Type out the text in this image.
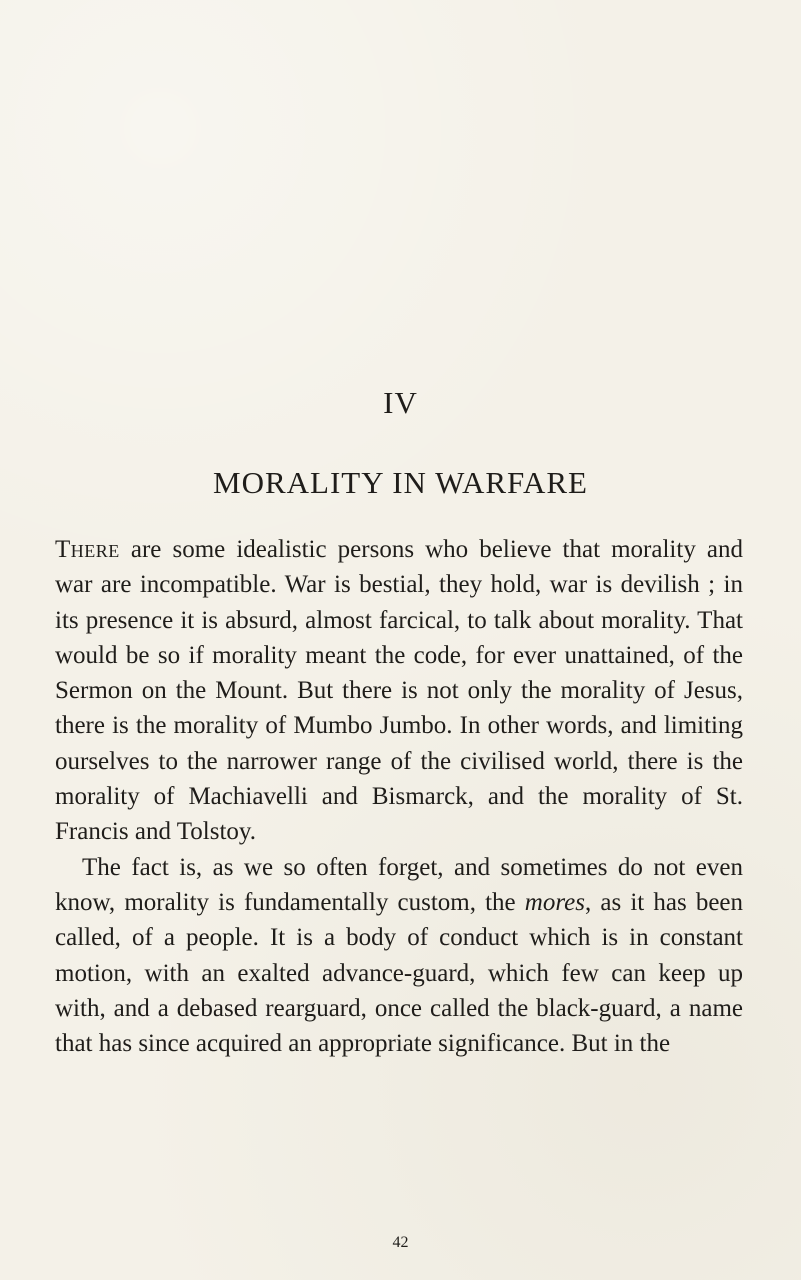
IV
MORALITY IN WARFARE

There are some idealistic persons who believe that morality and war are incompatible. War is bestial, they hold, war is devilish ; in its presence it is absurd, almost farcical, to talk about morality. That would be so if morality meant the code, for ever unattained, of the Sermon on the Mount. But there is not only the morality of Jesus, there is the morality of Mumbo Jumbo. In other words, and limiting ourselves to the narrower range of the civilised world, there is the morality of Machiavelli and Bismarck, and the morality of St. Francis and Tolstoy.

The fact is, as we so often forget, and sometimes do not even know, morality is fundamentally custom, the mores, as it has been called, of a people. It is a body of conduct which is in constant motion, with an exalted advance-guard, which few can keep up with, and a debased rearguard, once called the black-guard, a name that has since acquired an appropriate significance. But in the

42
